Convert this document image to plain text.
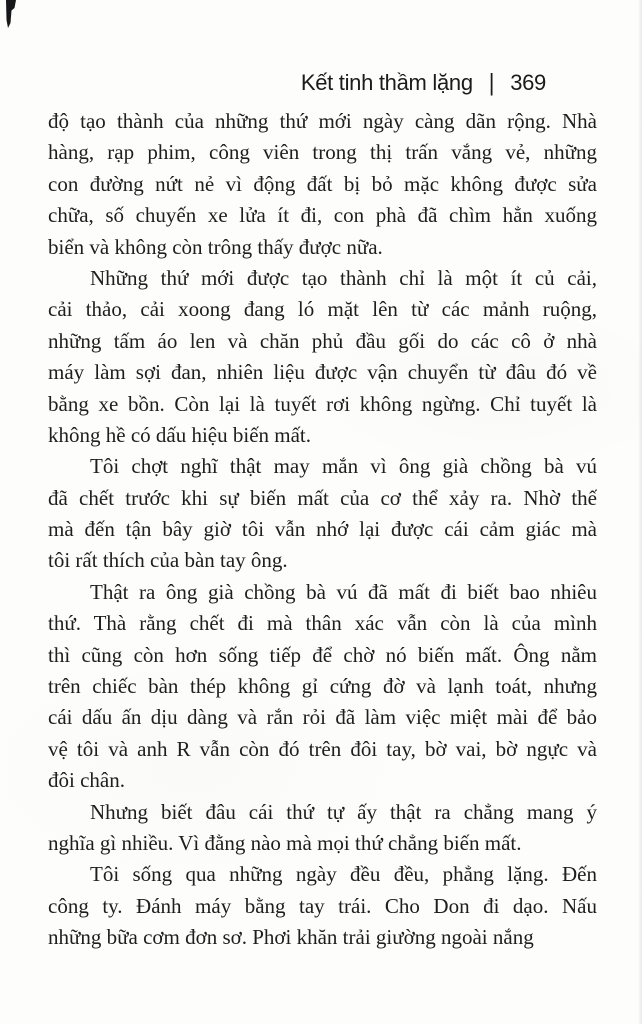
Kết tinh thầm lặng | 369
độ tạo thành của những thứ mới ngày càng dãn rộng. Nhà
hàng, rạp phim, công viên trong thị trấn vắng vẻ, những
con đường nứt nẻ vì động đất bị bỏ mặc không được sửa
chữa, số chuyến xe lửa ít đi, con phà đã chìm hẳn xuống
biển và không còn trông thấy được nữa.
Những thứ mới được tạo thành chỉ là một ít củ cải,
cải thảo, cải xoong đang ló mặt lên từ các mảnh ruộng,
những tấm áo len và chăn phủ đầu gối do các cô ở nhà
máy làm sợi đan, nhiên liệu được vận chuyển từ đâu đó về
bằng xe bồn. Còn lại là tuyết rơi không ngừng. Chỉ tuyết là
không hề có dấu hiệu biến mất.
Tôi chợt nghĩ thật may mắn vì ông già chồng bà vú
đã chết trước khi sự biến mất của cơ thể xảy ra. Nhờ thế
mà đến tận bây giờ tôi vẫn nhớ lại được cái cảm giác mà
tôi rất thích của bàn tay ông.
Thật ra ông già chồng bà vú đã mất đi biết bao nhiêu
thứ. Thà rằng chết đi mà thân xác vẫn còn là của mình
thì cũng còn hơn sống tiếp để chờ nó biến mất. Ông nằm
trên chiếc bàn thép không gỉ cứng đờ và lạnh toát, nhưng
cái dấu ấn dịu dàng và rắn rỏi đã làm việc miệt mài để bảo
vệ tôi và anh R vẫn còn đó trên đôi tay, bờ vai, bờ ngực và
đôi chân.
Nhưng biết đâu cái thứ tự ấy thật ra chẳng mang ý
nghĩa gì nhiều. Vì đằng nào mà mọi thứ chẳng biến mất.
Tôi sống qua những ngày đều đều, phẳng lặng. Đến
công ty. Đánh máy bằng tay trái. Cho Don đi dạo. Nấu
những bữa cơm đơn sơ. Phơi khăn trải giường ngoài nắng
